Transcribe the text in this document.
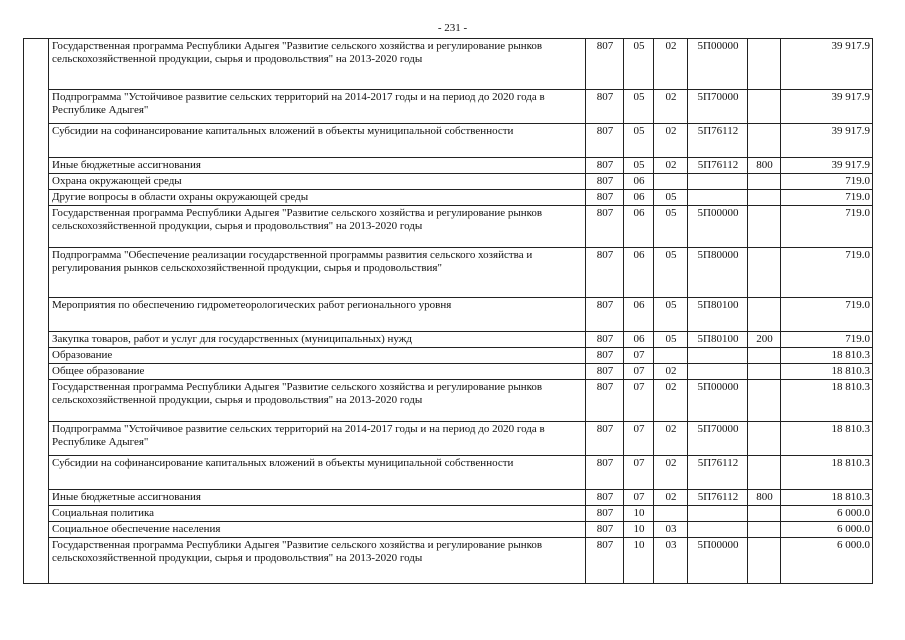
- 231 -
	Государственная программа Республики Адыгея "Развитие сельского хозяйства и регулирование рынков сельскохозяйственной продукции, сырья и продовольствия" на 2013-2020 годы	807	05	02	5П00000		39 917.9
	Подпрограмма "Устойчивое развитие сельских территорий на 2014-2017 годы и на период до 2020 года в Республике Адыгея"	807	05	02	5П70000		39 917.9
	Субсидии на софинансирование капитальных вложений в объекты муниципальной собственности	807	05	02	5П76112		39 917.9
	Иные бюджетные ассигнования	807	05	02	5П76112	800	39 917.9
	Охрана окружающей среды	807	06				719.0
	Другие вопросы в области охраны окружающей среды	807	06	05			719.0
	Государственная программа Республики Адыгея "Развитие сельского хозяйства и регулирование рынков сельскохозяйственной продукции, сырья и продовольствия" на 2013-2020 годы	807	06	05	5П00000		719.0
	Подпрограмма "Обеспечение реализации государственной программы развития сельского хозяйства и регулирования рынков сельскохозяйственной продукции, сырья и продовольствия"	807	06	05	5П80000		719.0
	Мероприятия по обеспечению гидрометеорологических работ регионального уровня	807	06	05	5П80100		719.0
	Закупка товаров, работ и услуг для государственных (муниципальных) нужд	807	06	05	5П80100	200	719.0
	Образование	807	07				18 810.3
	Общее образование	807	07	02			18 810.3
	Государственная программа Республики Адыгея "Развитие сельского хозяйства и регулирование рынков сельскохозяйственной продукции, сырья и продовольствия" на 2013-2020 годы	807	07	02	5П00000		18 810.3
	Подпрограмма "Устойчивое развитие сельских территорий на 2014-2017 годы и на период до 2020 года в Республике Адыгея"	807	07	02	5П70000		18 810.3
	Субсидии на софинансирование капитальных вложений в объекты муниципальной собственности	807	07	02	5П76112		18 810.3
	Иные бюджетные ассигнования	807	07	02	5П76112	800	18 810.3
	Социальная политика	807	10				6 000.0
	Социальное обеспечение населения	807	10	03			6 000.0
	Государственная программа Республики Адыгея "Развитие сельского хозяйства и регулирование рынков сельскохозяйственной продукции, сырья и продовольствия" на 2013-2020 годы	807	10	03	5П00000		6 000.0
